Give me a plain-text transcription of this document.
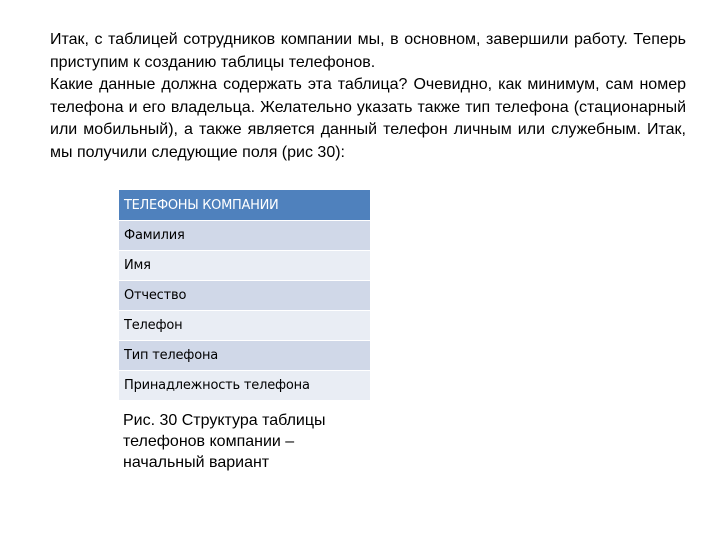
Итак, с таблицей сотрудников компании мы, в основном, завершили работу. Теперь приступим к созданию таблицы телефонов.

Какие данные должна содержать эта таблица? Очевидно, как минимум, сам номер телефона и его владельца. Желательно указать также тип телефона (стационарный или мобильный), а также является данный телефон личным или служебным. Итак, мы получили следующие поля (рис 30):

ТЕЛЕФОНЫ КОМПАНИИ
Фамилия
Имя
Отчество
Телефон
Тип телефона
Принадлежность телефона

Рис. 30 Структура таблицы телефонов компании – начальный вариант
